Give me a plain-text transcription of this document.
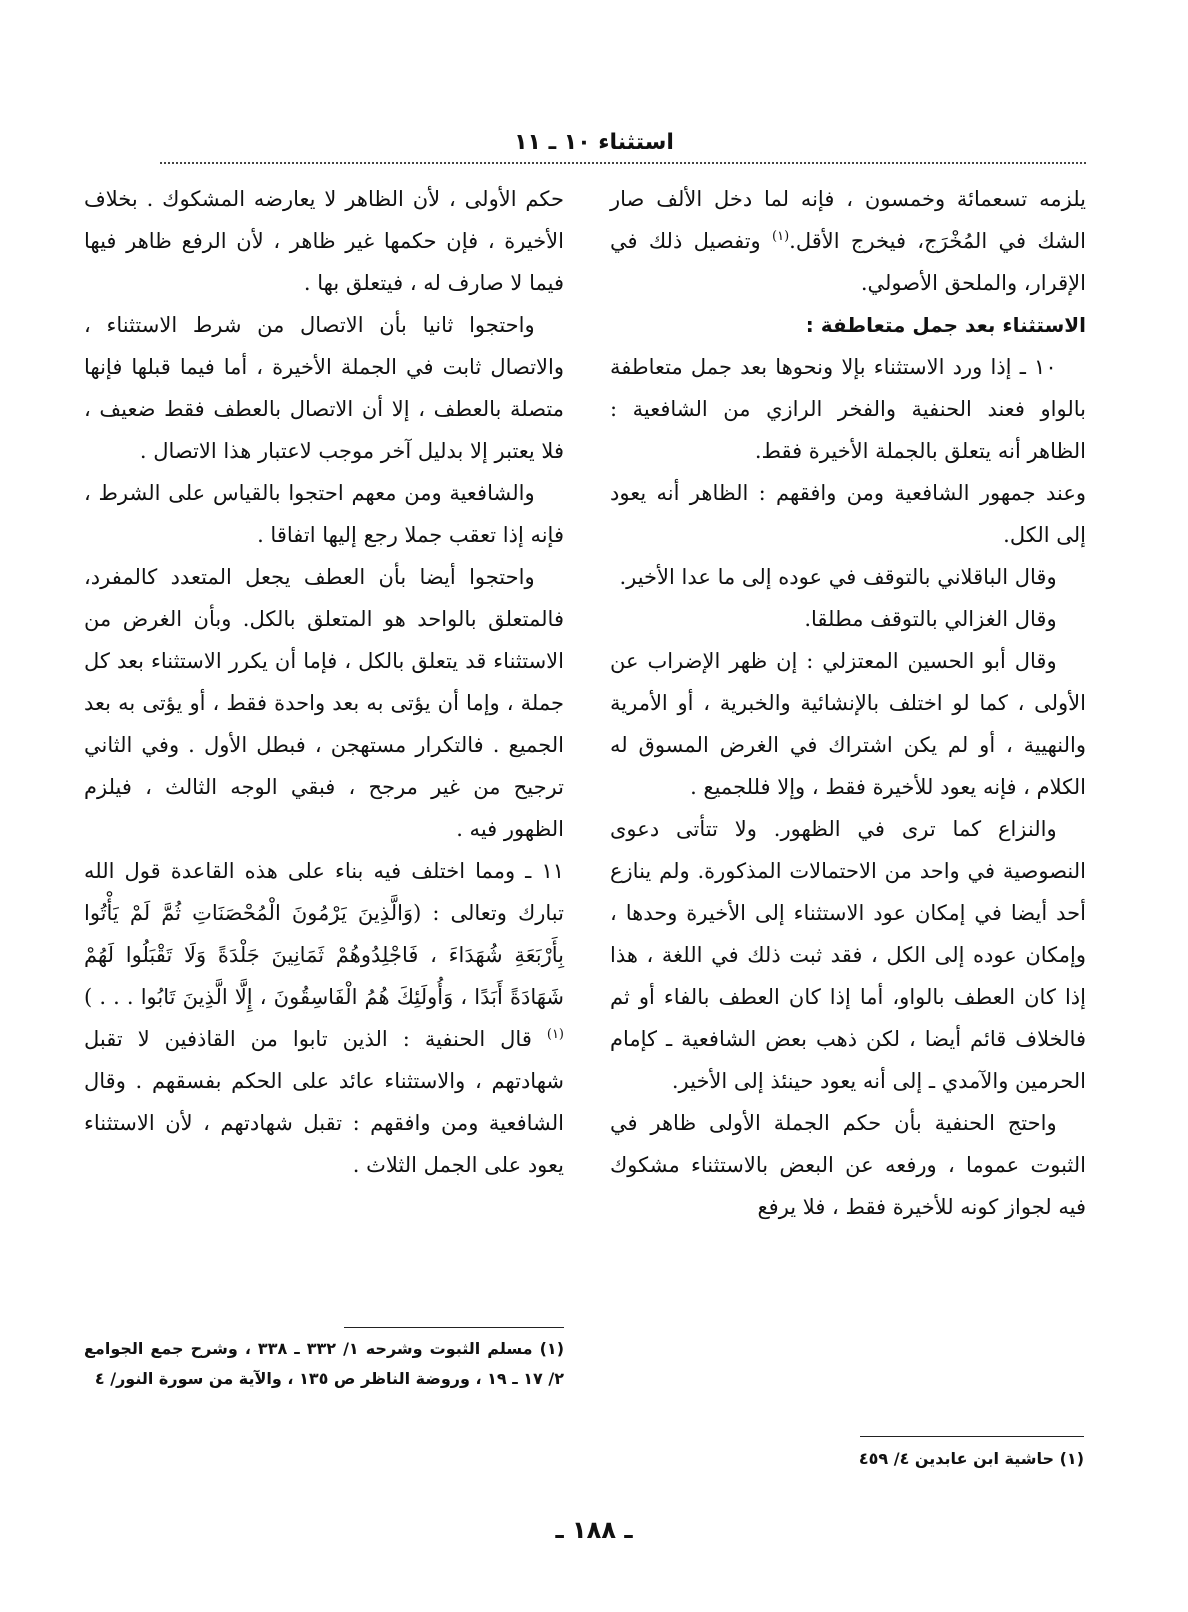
استثناء ١٠ ـ ١١

يلزمه تسعمائة وخمسون ، فإنه لما دخل الألف صار الشك في المُخْرَج، فيخرج الأقل.$^{(١)}$ وتفصيل ذلك في الإقرار، والملحق الأصولي.

الاستثناء بعد جمل متعاطفة :

١٠ ـ إذا ورد الاستثناء بإلا ونحوها بعد جمل متعاطفة بالواو فعند الحنفية والفخر الرازي من الشافعية : الظاهر أنه يتعلق بالجملة الأخيرة فقط.

وعند جمهور الشافعية ومن وافقهم : الظاهر أنه يعود إلى الكل.

وقال الباقلاني بالتوقف في عوده إلى ما عدا الأخير.

وقال الغزالي بالتوقف مطلقا.

وقال أبو الحسين المعتزلي : إن ظهر الإضراب عن الأولى ، كما لو اختلف بالإنشائية والخبرية ، أو الأمرية والنهيية ، أو لم يكن اشتراك في الغرض المسوق له الكلام ، فإنه يعود للأخيرة فقط ، وإلا فللجميع .

والنزاع كما ترى في الظهور. ولا تتأتى دعوى النصوصية في واحد من الاحتمالات المذكورة. ولم ينازع أحد أيضا في إمكان عود الاستثناء إلى الأخيرة وحدها ، وإمكان عوده إلى الكل ، فقد ثبت ذلك في اللغة ، هذا إذا كان العطف بالواو، أما إذا كان العطف بالفاء أو ثم فالخلاف قائم أيضا ، لكن ذهب بعض الشافعية ـ كإمام الحرمين والآمدي ـ إلى أنه يعود حينئذ إلى الأخير.

واحتج الحنفية بأن حكم الجملة الأولى ظاهر في الثبوت عموما ، ورفعه عن البعض بالاستثناء مشكوك فيه لجواز كونه للأخيرة فقط ، فلا يرفع

حكم الأولى ، لأن الظاهر لا يعارضه المشكوك . بخلاف الأخيرة ، فإن حكمها غير ظاهر ، لأن الرفع ظاهر فيها فيما لا صارف له ، فيتعلق بها .

واحتجوا ثانيا بأن الاتصال من شرط الاستثناء ، والاتصال ثابت في الجملة الأخيرة ، أما فيما قبلها فإنها متصلة بالعطف ، إلا أن الاتصال بالعطف فقط ضعيف ، فلا يعتبر إلا بدليل آخر موجب لاعتبار هذا الاتصال .

والشافعية ومن معهم احتجوا بالقياس على الشرط ، فإنه إذا تعقب جملا رجع إليها اتفاقا .

واحتجوا أيضا بأن العطف يجعل المتعدد كالمفرد، فالمتعلق بالواحد هو المتعلق بالكل. وبأن الغرض من الاستثناء قد يتعلق بالكل ، فإما أن يكرر الاستثناء بعد كل جملة ، وإما أن يؤتى به بعد واحدة فقط ، أو يؤتى به بعد الجميع . فالتكرار مستهجن ، فبطل الأول . وفي الثاني ترجيح من غير مرجح ، فبقي الوجه الثالث ، فيلزم الظهور فيه .

١١ ـ ومما اختلف فيه بناء على هذه القاعدة قول الله تبارك وتعالى : (وَالَّذِينَ يَرْمُونَ الْمُحْصَنَاتِ ثُمَّ لَمْ يَأْتُوا بِأَرْبَعَةِ شُهَدَاءَ ، فَاجْلِدُوهُمْ ثَمَانِينَ جَلْدَةً وَلَا تَقْبَلُوا لَهُمْ شَهَادَةً أَبَدًا ، وَأُولَئِكَ هُمُ الْفَاسِقُونَ ، إِلَّا الَّذِينَ تَابُوا . . . )$^{(١)}$ قال الحنفية : الذين تابوا من القاذفين لا تقبل شهادتهم ، والاستثناء عائد على الحكم بفسقهم . وقال الشافعية ومن وافقهم : تقبل شهادتهم ، لأن الاستثناء يعود على الجمل الثلاث .

(١) حاشية ابن عابدين ٤/ ٤٥٩
(١) مسلم الثبوت وشرحه ١/ ٣٣٢ ـ ٣٣٨ ، وشرح جمع الجوامع ٢/ ١٧ ـ ١٩ ، وروضة الناظر ص ١٣٥ ، والآية من سورة النور/ ٤
ـ ١٨٨ ـ
